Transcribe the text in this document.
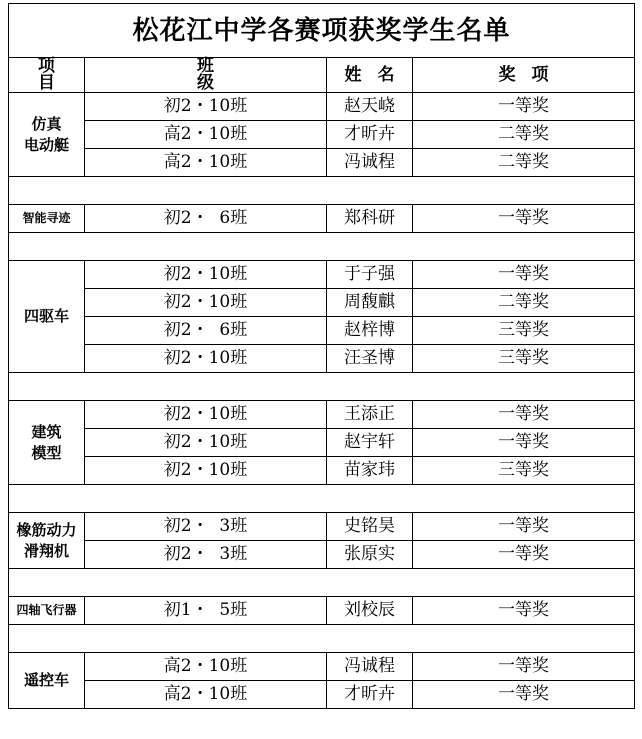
松花江中学各赛项获奖学生名单			
项目	班级	姓名	奖项

仿真
电动艇	初2・10班	赵天峣	一等奖
	高2・10班	才昕卉	二等奖
	高2・10班	冯诚程	二等奖

智能寻迹	初2・  6班	郑科研	一等奖

四驱车	初2・10班	于子强	一等奖
	初2・10班	周馥麒	二等奖
	初2・  6班	赵梓博	三等奖
	初2・10班	汪圣博	三等奖

建筑
模型	初2・10班	王添正	一等奖
	初2・10班	赵宇轩	一等奖
	初2・10班	苗家玮	三等奖

橡筋动力
滑翔机	初2・  3班	史铭昊	一等奖
	初2・  3班	张原实	一等奖

四轴飞行器	初1・  5班	刘校辰	一等奖

遥控车	高2・10班	冯诚程	一等奖
	高2・10班	才昕卉	一等奖
